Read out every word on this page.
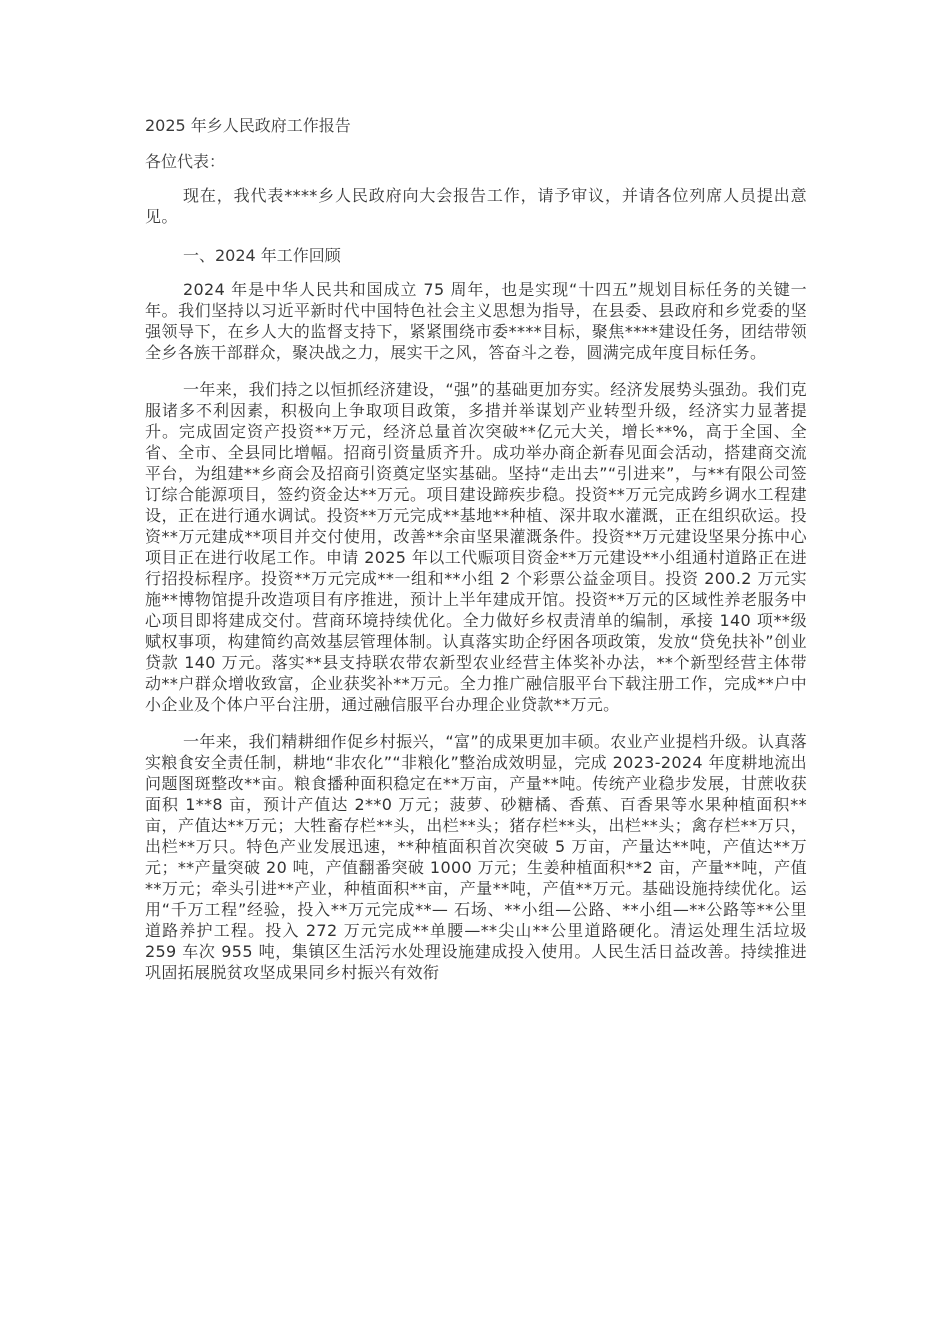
2025 年乡人民政府工作报告
各位代表：

现在，我代表****乡人民政府向大会报告工作，请予审议，并请各位列席人员提出意见。

一、2024 年工作回顾

2024 年是中华人民共和国成立 75 周年，也是实现“十四五”规划目标任务的关键一年。我们坚持以习近平新时代中国特色社会主义思想为指导，在县委、县政府和乡党委的坚强领导下，在乡人大的监督支持下，紧紧围绕市委****目标，聚焦****建设任务，团结带领全乡各族干部群众，聚决战之力，展实干之风，答奋斗之卷，圆满完成年度目标任务。

一年来，我们持之以恒抓经济建设，“强”的基础更加夯实。经济发展势头强劲。我们克服诸多不利因素，积极向上争取项目政策，多措并举谋划产业转型升级，经济实力显著提升。完成固定资产投资**万元，经济总量首次突破**亿元大关，增长**%，高于全国、全省、全市、全县同比增幅。招商引资量质齐升。成功举办商企新春见面会活动，搭建商交流平台，为组建**乡商会及招商引资奠定坚实基础。坚持“走出去”“引进来”，与**有限公司签订综合能源项目，签约资金达**万元。项目建设蹄疾步稳。投资**万元完成跨乡调水工程建设，正在进行通水调试。投资**万元完成**基地**种植、深井取水灌溉，正在组织砍运。投资**万元建成**项目并交付使用，改善**余亩坚果灌溉条件。投资**万元建设坚果分拣中心项目正在进行收尾工作。申请 2025 年以工代赈项目资金**万元建设**小组通村道路正在进行招投标程序。投资**万元完成**一组和**小组 2 个彩票公益金项目。投资 200.2 万元实施**博物馆提升改造项目有序推进，预计上半年建成开馆。投资**万元的区域性养老服务中心项目即将建成交付。营商环境持续优化。全力做好乡权责清单的编制，承接 140 项**级赋权事项，构建简约高效基层管理体制。认真落实助企纾困各项政策，发放“贷免扶补”创业贷款 140 万元。落实**县支持联农带农新型农业经营主体奖补办法，**个新型经营主体带动**户群众增收致富，企业获奖补**万元。全力推广融信服平台下载注册工作，完成**户中小企业及个体户平台注册，通过融信服平台办理企业贷款**万元。

一年来，我们精耕细作促乡村振兴，“富”的成果更加丰硕。农业产业提档升级。认真落实粮食安全责任制，耕地“非农化”“非粮化”整治成效明显，完成 2023-2024 年度耕地流出问题图斑整改**亩。粮食播种面积稳定在**万亩，产量**吨。传统产业稳步发展，甘蔗收获面积 1**8 亩，预计产值达 2**0 万元；菠萝、砂糖橘、香蕉、百香果等水果种植面积**亩，产值达**万元；大牲畜存栏**头，出栏**头；猪存栏**头，出栏**头；禽存栏**万只，出栏**万只。特色产业发展迅速，**种植面积首次突破 5 万亩，产量达**吨，产值达**万元；**产量突破 20 吨，产值翻番突破 1000 万元；生姜种植面积**2 亩，产量**吨，产值**万元；牵头引进**产业，种植面积**亩，产量**吨，产值**万元。基础设施持续优化。运用“千万工程”经验，投入**万元完成**— 石场、**小组—公路、**小组—**公路等**公里道路养护工程。投入 272 万元完成**单腰—**尖山**公里道路硬化。清运处理生活垃圾 259 车次 955 吨，集镇区生活污水处理设施建成投入使用。人民生活日益改善。持续推进巩固拓展脱贫攻坚成果同乡村振兴有效衔
